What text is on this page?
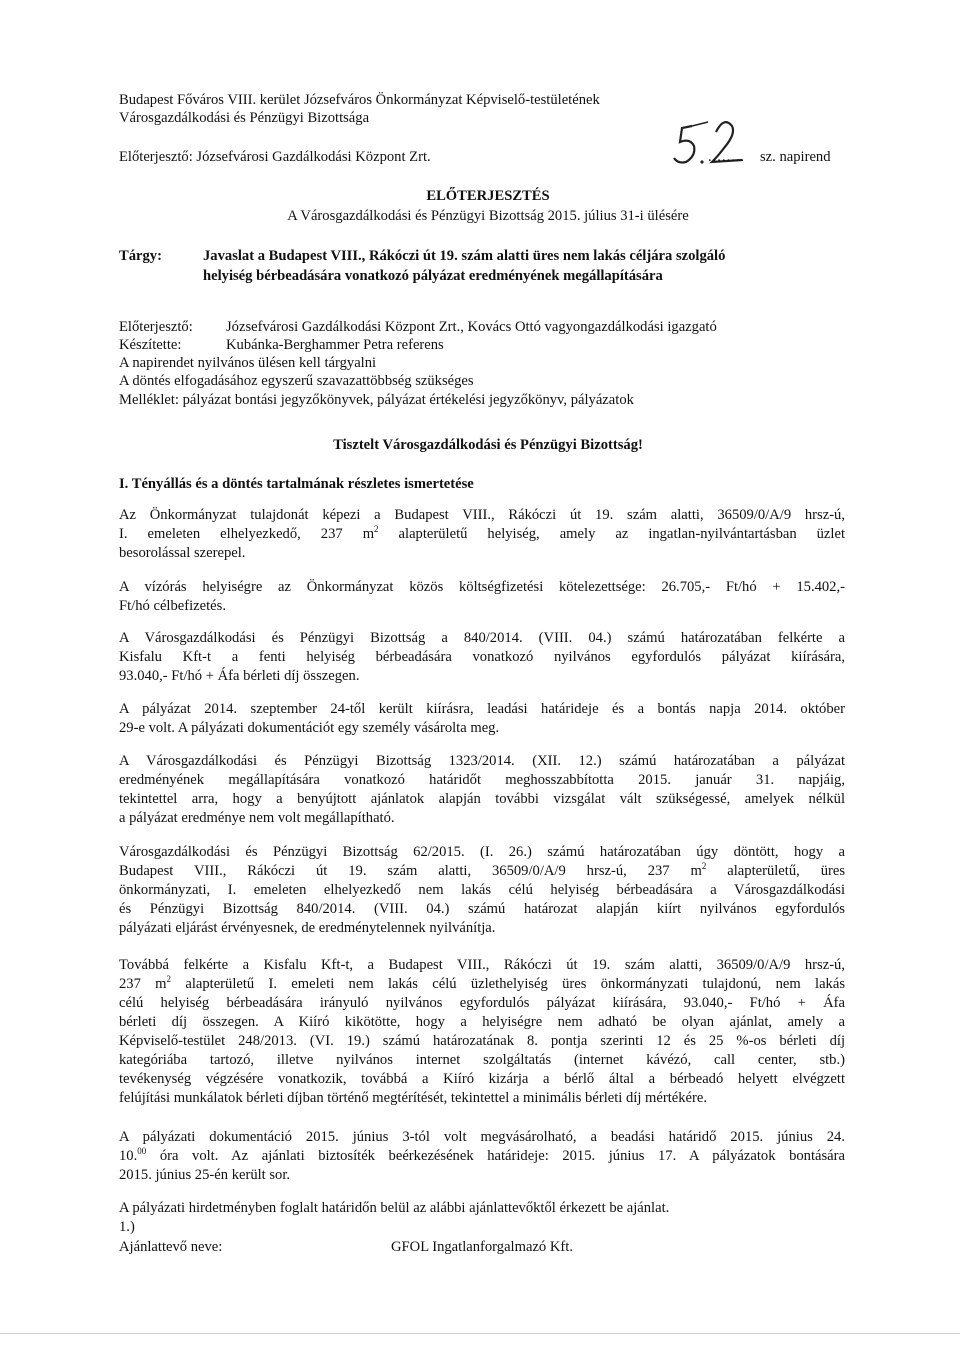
Budapest Főváros VIII. kerület Józsefváros Önkormányzat Képviselő-testületének
Városgazdálkodási és Pénzügyi Bizottsága
Előterjesztő: Józsefvárosi Gazdálkodási Központ Zrt.	........ sz. napirend
ELŐTERJESZTÉS
A Városgazdálkodási és Pénzügyi Bizottság 2015. július 31-i ülésére
Tárgy:	Javaslat a Budapest VIII., Rákóczi út 19. szám alatti üres nem lakás céljára szolgáló
helyiség bérbeadására vonatkozó pályázat eredményének megállapítására
Előterjesztő: Józsefvárosi Gazdálkodási Központ Zrt., Kovács Ottó vagyongazdálkodási igazgató
Készítette:	Kubánka-Berghammer Petra referens
A napirendet nyilvános ülésen kell tárgyalni
A döntés elfogadásához egyszerű szavazattöbbség szükséges
Melléklet: pályázat bontási jegyzőkönyvek, pályázat értékelési jegyzőkönyv, pályázatok
Tisztelt Városgazdálkodási és Pénzügyi Bizottság!
I. Tényállás és a döntés tartalmának részletes ismertetése
Az Önkormányzat tulajdonát képezi a Budapest VIII., Rákóczi út 19. szám alatti, 36509/0/A/9 hrsz-ú,
I. emeleten elhelyezkedő, 237 $m^2$ alapterületű helyiség, amely az ingatlan-nyilvántartásban üzlet
besorolással szerepel.
A vízórás helyiségre az Önkormányzat közös költségfizetési kötelezettsége: 26.705,- Ft/hó + 15.402,-
Ft/hó célbefizetés.
A Városgazdálkodási és Pénzügyi Bizottság a 840/2014. (VIII. 04.) számú határozatában felkérte a
Kisfalu Kft-t a fenti helyiség bérbeadására vonatkozó nyilvános egyfordulós pályázat kiírására,
93.040,- Ft/hó + Áfa bérleti díj összegen.
A pályázat 2014. szeptember 24-től került kiírásra, leadási határideje és a bontás napja 2014. október
29-e volt. A pályázati dokumentációt egy személy vásárolta meg.
A Városgazdálkodási és Pénzügyi Bizottság 1323/2014. (XII. 12.) számú határozatában a pályázat
eredményének megállapítására vonatkozó határidőt meghosszabbította 2015. január 31. napjáig,
tekintettel arra, hogy a benyújtott ajánlatok alapján további vizsgálat vált szükségessé, amelyek nélkül
a pályázat eredménye nem volt megállapítható.
Városgazdálkodási és Pénzügyi Bizottság 62/2015. (I. 26.) számú határozatában úgy döntött, hogy a
Budapest VIII., Rákóczi út 19. szám alatti, 36509/0/A/9 hrsz-ú, 237 $m^2$ alapterületű, üres
önkormányzati, I. emeleten elhelyezkedő nem lakás célú helyiség bérbeadására a Városgazdálkodási
és Pénzügyi Bizottság 840/2014. (VIII. 04.) számú határozat alapján kiírt nyilvános egyfordulós
pályázati eljárást érvényesnek, de eredménytelennek nyilvánítja.
Továbbá felkérte a Kisfalu Kft-t, a Budapest VIII., Rákóczi út 19. szám alatti, 36509/0/A/9 hrsz-ú,
237 $m^2$ alapterületű I. emeleti nem lakás célú üzlethelyiség üres önkormányzati tulajdonú, nem lakás
célú helyiség bérbeadására irányuló nyilvános egyfordulós pályázat kiírására, 93.040,- Ft/hó + Áfa
bérleti díj összegen. A Kiíró kikötötte, hogy a helyiségre nem adható be olyan ajánlat, amely a
Képviselő-testület 248/2013. (VI. 19.) számú határozatának 8. pontja szerinti 12 és 25 %-os bérleti díj
kategóriába tartozó, illetve nyilvános internet szolgáltatás (internet kávézó, call center, stb.)
tevékenység végzésére vonatkozik, továbbá a Kiíró kizárja a bérlő által a bérbeadó helyett elvégzett
felújítási munkálatok bérleti díjban történő megtérítését, tekintettel a minimális bérleti díj mértékére.
A pályázati dokumentáció 2015. június 3-tól volt megvásárolható, a beadási határidő 2015. június 24.
10.00 óra volt. Az ajánlati biztosíték beérkezésének határideje: 2015. június 17. A pályázatok bontására
2015. június 25-én került sor.
A pályázati hirdetményben foglalt határidőn belül az alábbi ajánlattevőktől érkezett be ajánlat.
1.)
Ajánlattevő neve:	GFOL Ingatlanforgalmazó Kft.
